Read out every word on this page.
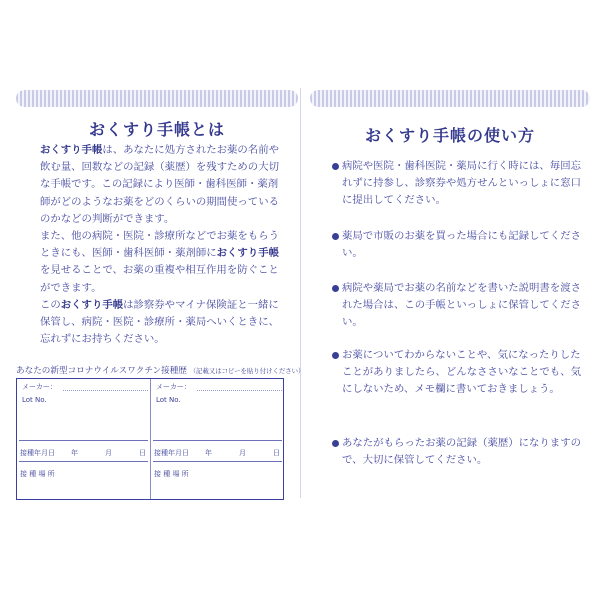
おくすり手帳とは

おくすり手帳は、あなたに処方されたお薬の名前や飲む量、回数などの記録（薬歴）を残すための大切な手帳です。この記録により医師・歯科医師・薬剤師がどのようなお薬をどのくらいの期間使っているのかなどの判断ができます。

また、他の病院・医院・診療所などでお薬をもらうときにも、医師・歯科医師・薬剤師におくすり手帳を見せることで、お薬の重複や相互作用を防ぐことができます。

このおくすり手帳は診察券やマイナ保険証と一緒に保管し、病院・医院・診療所・薬局へいくときに、忘れずにお持ちください。

あなたの新型コロナウイルスワクチン接種歴 （記載又はコピーを貼り付けください）
メーカー：
Lot No.
接種年月日 年	月	日
接 種 場 所
メーカー：
Lot No.
接種年月日 年	月	日
接 種 場 所
おくすり手帳の使い方
病院や医院・歯科医院・薬局に行く時には、毎回忘れずに持参し、診察券や処方せんといっしょに窓口に提出してください。
薬局で市販のお薬を買った場合にも記録してください。
病院や薬局でお薬の名前などを書いた説明書を渡された場合は、この手帳といっしょに保管してください。
お薬についてわからないことや、気になったりしたことがありましたら、どんなささいなことでも、気にしないため、メモ欄に書いておきましょう。
あなたがもらったお薬の記録（薬歴）になりますので、大切に保管してください。
